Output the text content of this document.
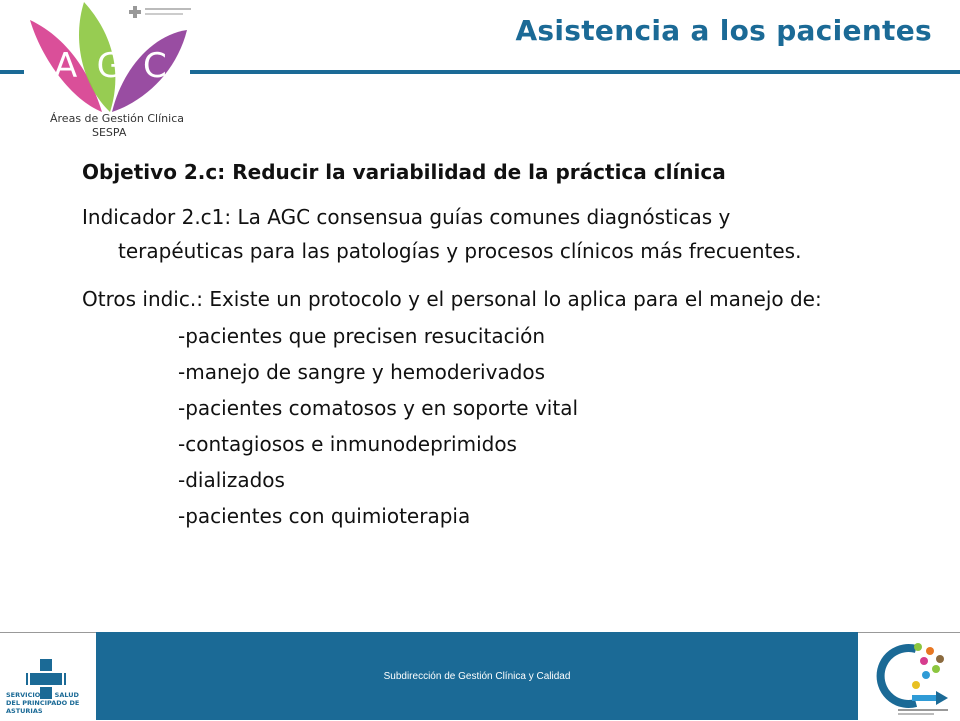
AGC
Áreas de Gestión Clínica
SESPA
Asistencia a los pacientes

Objetivo 2.c: Reducir la variabilidad de la práctica clínica

Indicador 2.c1: La AGC consensua guías comunes diagnósticas y terapéuticas para las patologías y procesos clínicos más frecuentes.

Otros indic.: Existe un protocolo y el personal lo aplica para el manejo de:

-pacientes que precisen resucitación
-manejo de sangre y hemoderivados
-pacientes comatosos y en soporte vital
-contagiosos e inmunodeprimidos
-dializados
-pacientes con quimioterapia
SERVICIO DE SALUD DEL PRINCIPADO DE ASTURIAS
Subdirección de Gestión Clínica y Calidad
